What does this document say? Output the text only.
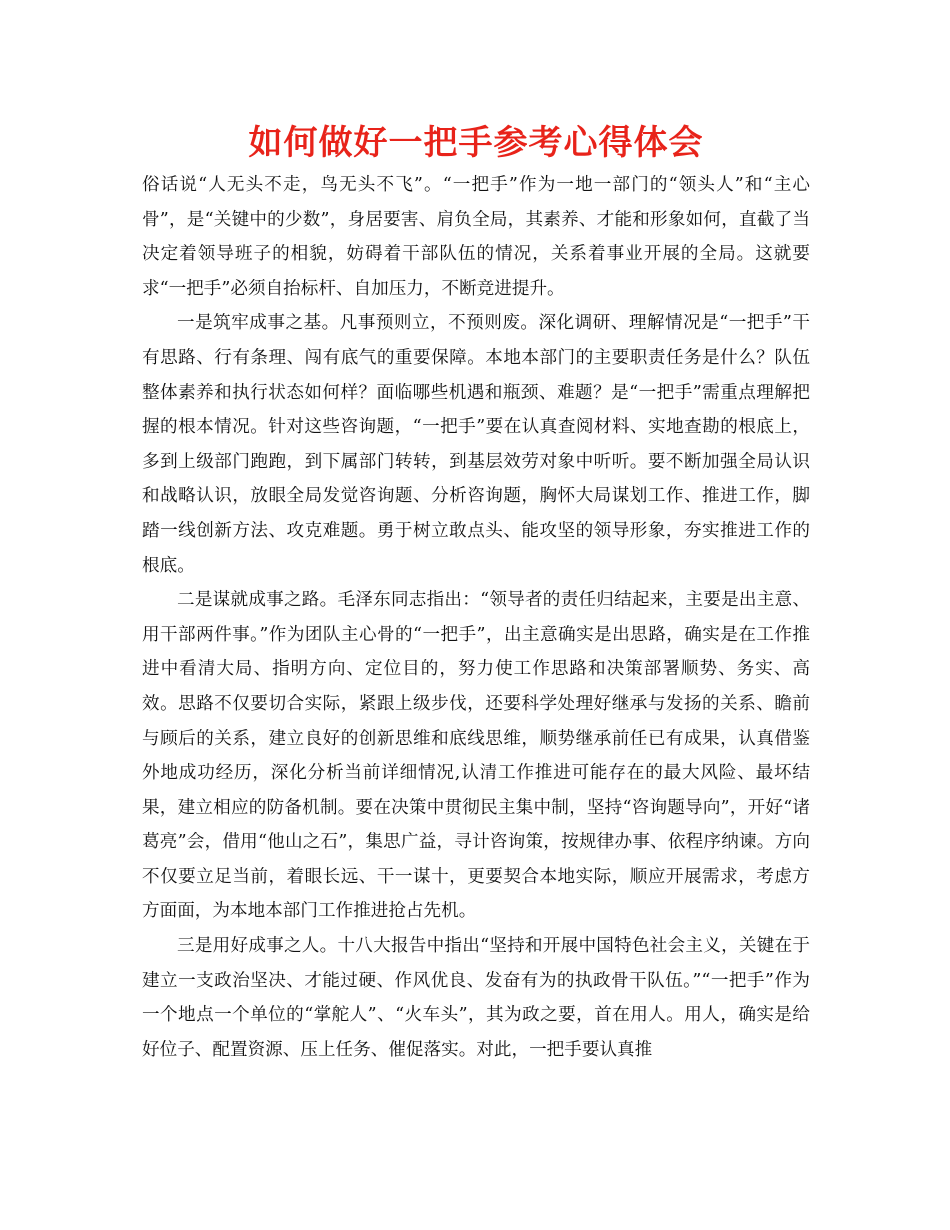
如何做好一把手参考心得体会

俗话说“人无头不走，鸟无头不飞”。“一把手”作为一地一部门的“领头人”和“主心骨”，是“关键中的少数”，身居要害、肩负全局，其素养、才能和形象如何，直截了当决定着领导班子的相貌，妨碍着干部队伍的情况，关系着事业开展的全局。这就要求“一把手”必须自抬标杆、自加压力，不断竞进提升。

一是筑牢成事之基。凡事预则立，不预则废。深化调研、理解情况是“一把手”干有思路、行有条理、闯有底气的重要保障。本地本部门的主要职责任务是什么？队伍整体素养和执行状态如何样？面临哪些机遇和瓶颈、难题？是“一把手”需重点理解把握的根本情况。针对这些咨询题，“一把手”要在认真查阅材料、实地查勘的根底上，多到上级部门跑跑，到下属部门转转，到基层效劳对象中听听。要不断加强全局认识和战略认识，放眼全局发觉咨询题、分析咨询题，胸怀大局谋划工作、推进工作，脚踏一线创新方法、攻克难题。勇于树立敢点头、能攻坚的领导形象，夯实推进工作的根底。

二是谋就成事之路。毛泽东同志指出：“领导者的责任归结起来，主要是出主意、用干部两件事。”作为团队主心骨的“一把手”，出主意确实是出思路，确实是在工作推进中看清大局、指明方向、定位目的，努力使工作思路和决策部署顺势、务实、高效。思路不仅要切合实际，紧跟上级步伐，还要科学处理好继承与发扬的关系、瞻前与顾后的关系，建立良好的创新思维和底线思维，顺势继承前任已有成果，认真借鉴外地成功经历，深化分析当前详细情况,认清工作推进可能存在的最大风险、最坏结果，建立相应的防备机制。要在决策中贯彻民主集中制，坚持“咨询题导向”，开好“诸葛亮”会，借用“他山之石”，集思广益，寻计咨询策，按规律办事、依程序纳谏。方向不仅要立足当前，着眼长远、干一谋十，更要契合本地实际，顺应开展需求，考虑方方面面，为本地本部门工作推进抢占先机。

三是用好成事之人。十八大报告中指出“坚持和开展中国特色社会主义，关键在于建立一支政治坚决、才能过硬、作风优良、发奋有为的执政骨干队伍。”“一把手”作为一个地点一个单位的“掌舵人”、“火车头”，其为政之要，首在用人。用人，确实是给好位子、配置资源、压上任务、催促落实。对此，一把手要认真推
